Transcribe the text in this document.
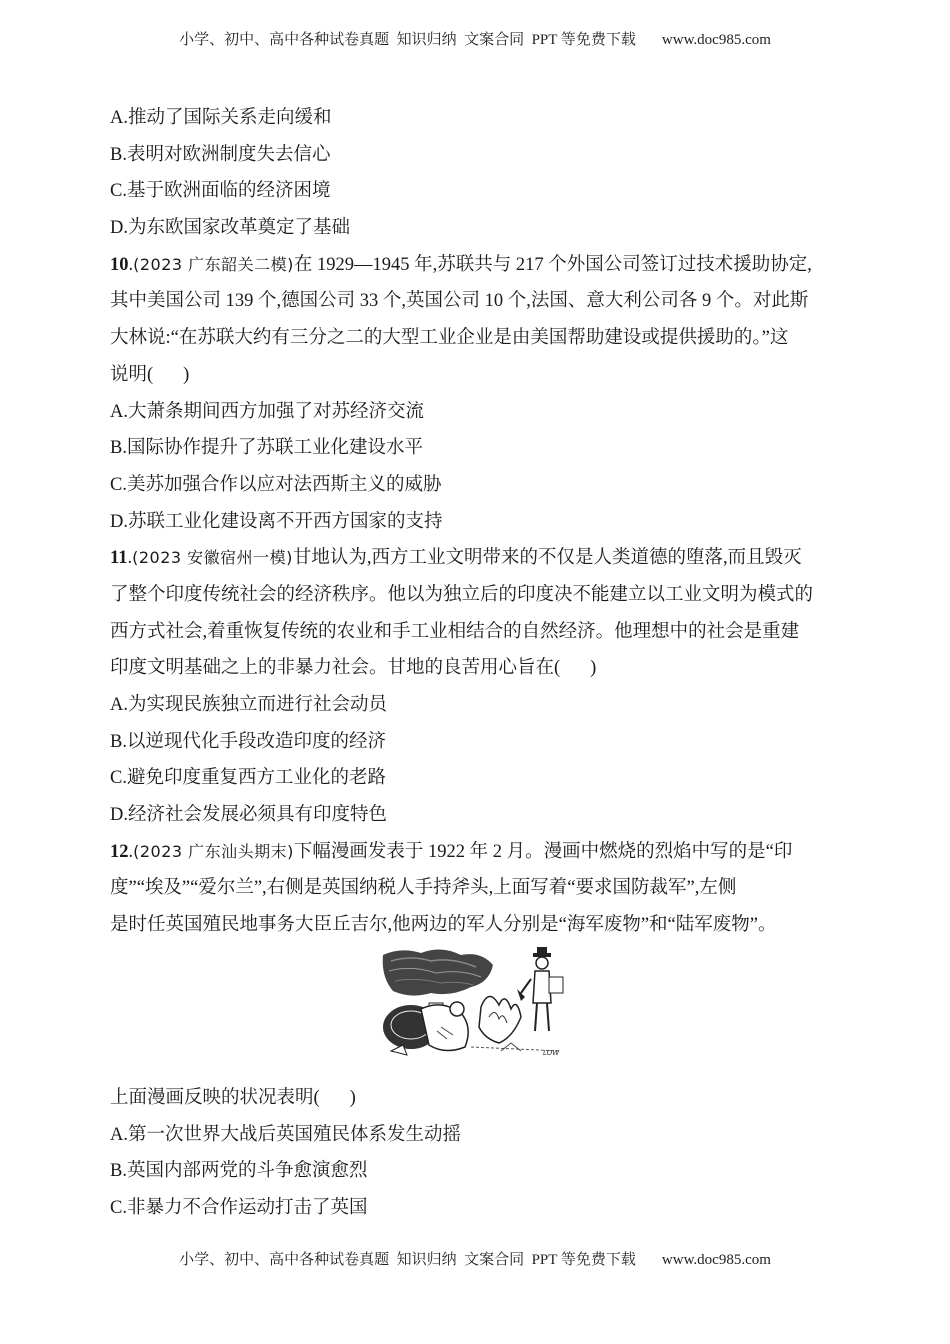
小学、初中、高中各种试卷真题  知识归纳  文案合同  PPT 等免费下载 www.doc985.com
A.推动了国际关系走向缓和
B.表明对欧洲制度失去信心
C.基于欧洲面临的经济困境
D.为东欧国家改革奠定了基础
10.(2023 广东韶关二模)在 1929—1945 年,苏联共与 217 个外国公司签订过技术援助协定,
其中美国公司 139 个,德国公司 33 个,英国公司 10 个,法国、意大利公司各 9 个。对此斯
大林说:“在苏联大约有三分之二的大型工业企业是由美国帮助建设或提供援助的。”这
说明( )
A.大萧条期间西方加强了对苏经济交流
B.国际协作提升了苏联工业化建设水平
C.美苏加强合作以应对法西斯主义的威胁
D.苏联工业化建设离不开西方国家的支持
11.(2023 安徽宿州一模)甘地认为,西方工业文明带来的不仅是人类道德的堕落,而且毁灭
了整个印度传统社会的经济秩序。他以为独立后的印度决不能建立以工业文明为模式的
西方式社会,着重恢复传统的农业和手工业相结合的自然经济。他理想中的社会是重建
印度文明基础之上的非暴力社会。甘地的良苦用心旨在( )
A.为实现民族独立而进行社会动员
B.以逆现代化手段改造印度的经济
C.避免印度重复西方工业化的老路
D.经济社会发展必须具有印度特色
12.(2023 广东汕头期末)下幅漫画发表于 1922 年 2 月。漫画中燃烧的烈焰中写的是“印
度”“埃及”“爱尔兰”,右侧是英国纳税人手持斧头,上面写着“要求国防裁军”,左侧
是时任英国殖民地事务大臣丘吉尔,他两边的军人分别是“海军废物”和“陆军废物”。
LOW
上面漫画反映的状况表明( )
A.第一次世界大战后英国殖民体系发生动摇
B.英国内部两党的斗争愈演愈烈
C.非暴力不合作运动打击了英国
小学、初中、高中各种试卷真题  知识归纳  文案合同  PPT 等免费下载 www.doc985.com
